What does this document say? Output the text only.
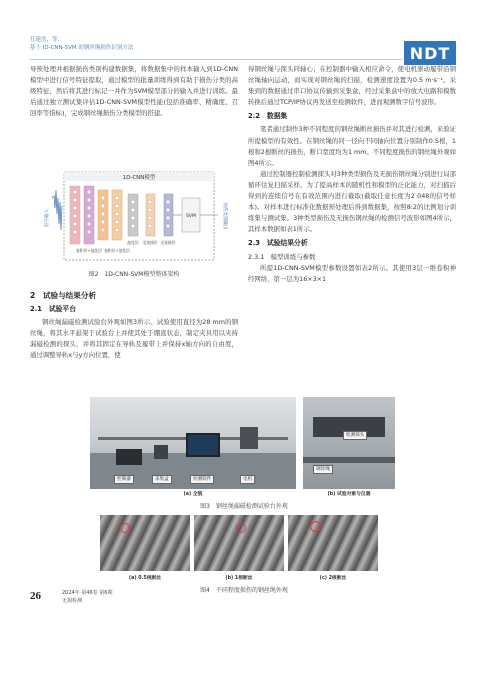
任建浩，等：
基于 ID-CNN-SVM 的钢丝绳损伤识别方法	NDT

导预处理并根据损伤类别构建数据集，将数据集中的样本输入到1D-CNN模型中进行信号特征提取，通过模型的批量训练得到有助于损伤分类的高级特征，然后将其进行标记一并作为SVM模型部分的输入并进行训练。最后通过独立测试集评估1D-CNN-SVM模型性能(包括准确率、精确度、召回率等指标)，完成钢丝绳损伤分类模型的搭建。

1D-CNN模型
信号输入
卷积层+池化层 卷积层+池化层
池化层 全连接层 全连接层
SVM	损伤类别输出
图2　1D-CNN-SVM模型整体架构
2　试验与结果分析
2.1　试验平台

钢丝绳漏磁检测试验台外观如图3所示。试验使用直径为28 mm的钢丝绳，将其水平悬架于试验台上并使其处于绷直状态，制定夹具用以夹持漏磁检测的探头，并将其固定在导轨及履带上并保持x轴方向的自由度，通过调整导轨x与y方向位置，使

得钢丝绳与探头同轴心；在控制器中输入相应命令，使电机驱动履带沿钢丝绳轴向运动，而实现对钢丝绳的扫描，检测速度设置为0.5 m·s⁻¹。采集到的数据通过串口协议传输到采集盒，经过采集盒中的放大电路和模数转换后通过TCP/IP协议再发送至检测软件，进而观测数字信号波形。

2.2　数据集

笔者通过制作3种不同程度的钢丝绳断丝损伤并对其进行检测，来验证所提模型的有效性。在钢丝绳的同一径向不同轴向位置分别制作0.5根，1根和2根断丝的损伤，断口宽度均为1 mm。不同程度损伤的钢丝绳外观如图4所示。

通过控制器控制检测探头对3种类型损伤及无损伤钢丝绳分别进行局部循环往复扫描采样，为了提高样本的随机性和模型的泛化能力，对扫描后得到的连续信号在有效范围内进行截取(截取任意长度为2 048的信号样本)。对样本进行标准化数据预处理后得到数据集，按照8:2的比例划分训练集与测试集。3种类型损伤及无损伤钢丝绳的检测信号波形如图4所示，其样本数据如表1所示。

2.3　试验结果分析
2.3.1　模型训练与参数

所提1D-CNN-SVM模型参数设置如表2所示。其使用3层一维卷积神经网络，第一层为16×3×1

控制器	采集盒	检测软件	电机
检测探头
钢丝绳
(a) 全貌	(b) 试验对象与仪器
图3　钢丝绳漏磁检测试验台外观
(a) 0.5根断丝	(b) 1根断丝	(c) 2根断丝
图4　不同程度损伤的钢丝绳外观
26	2024年 第46卷 第6期
无损检测
